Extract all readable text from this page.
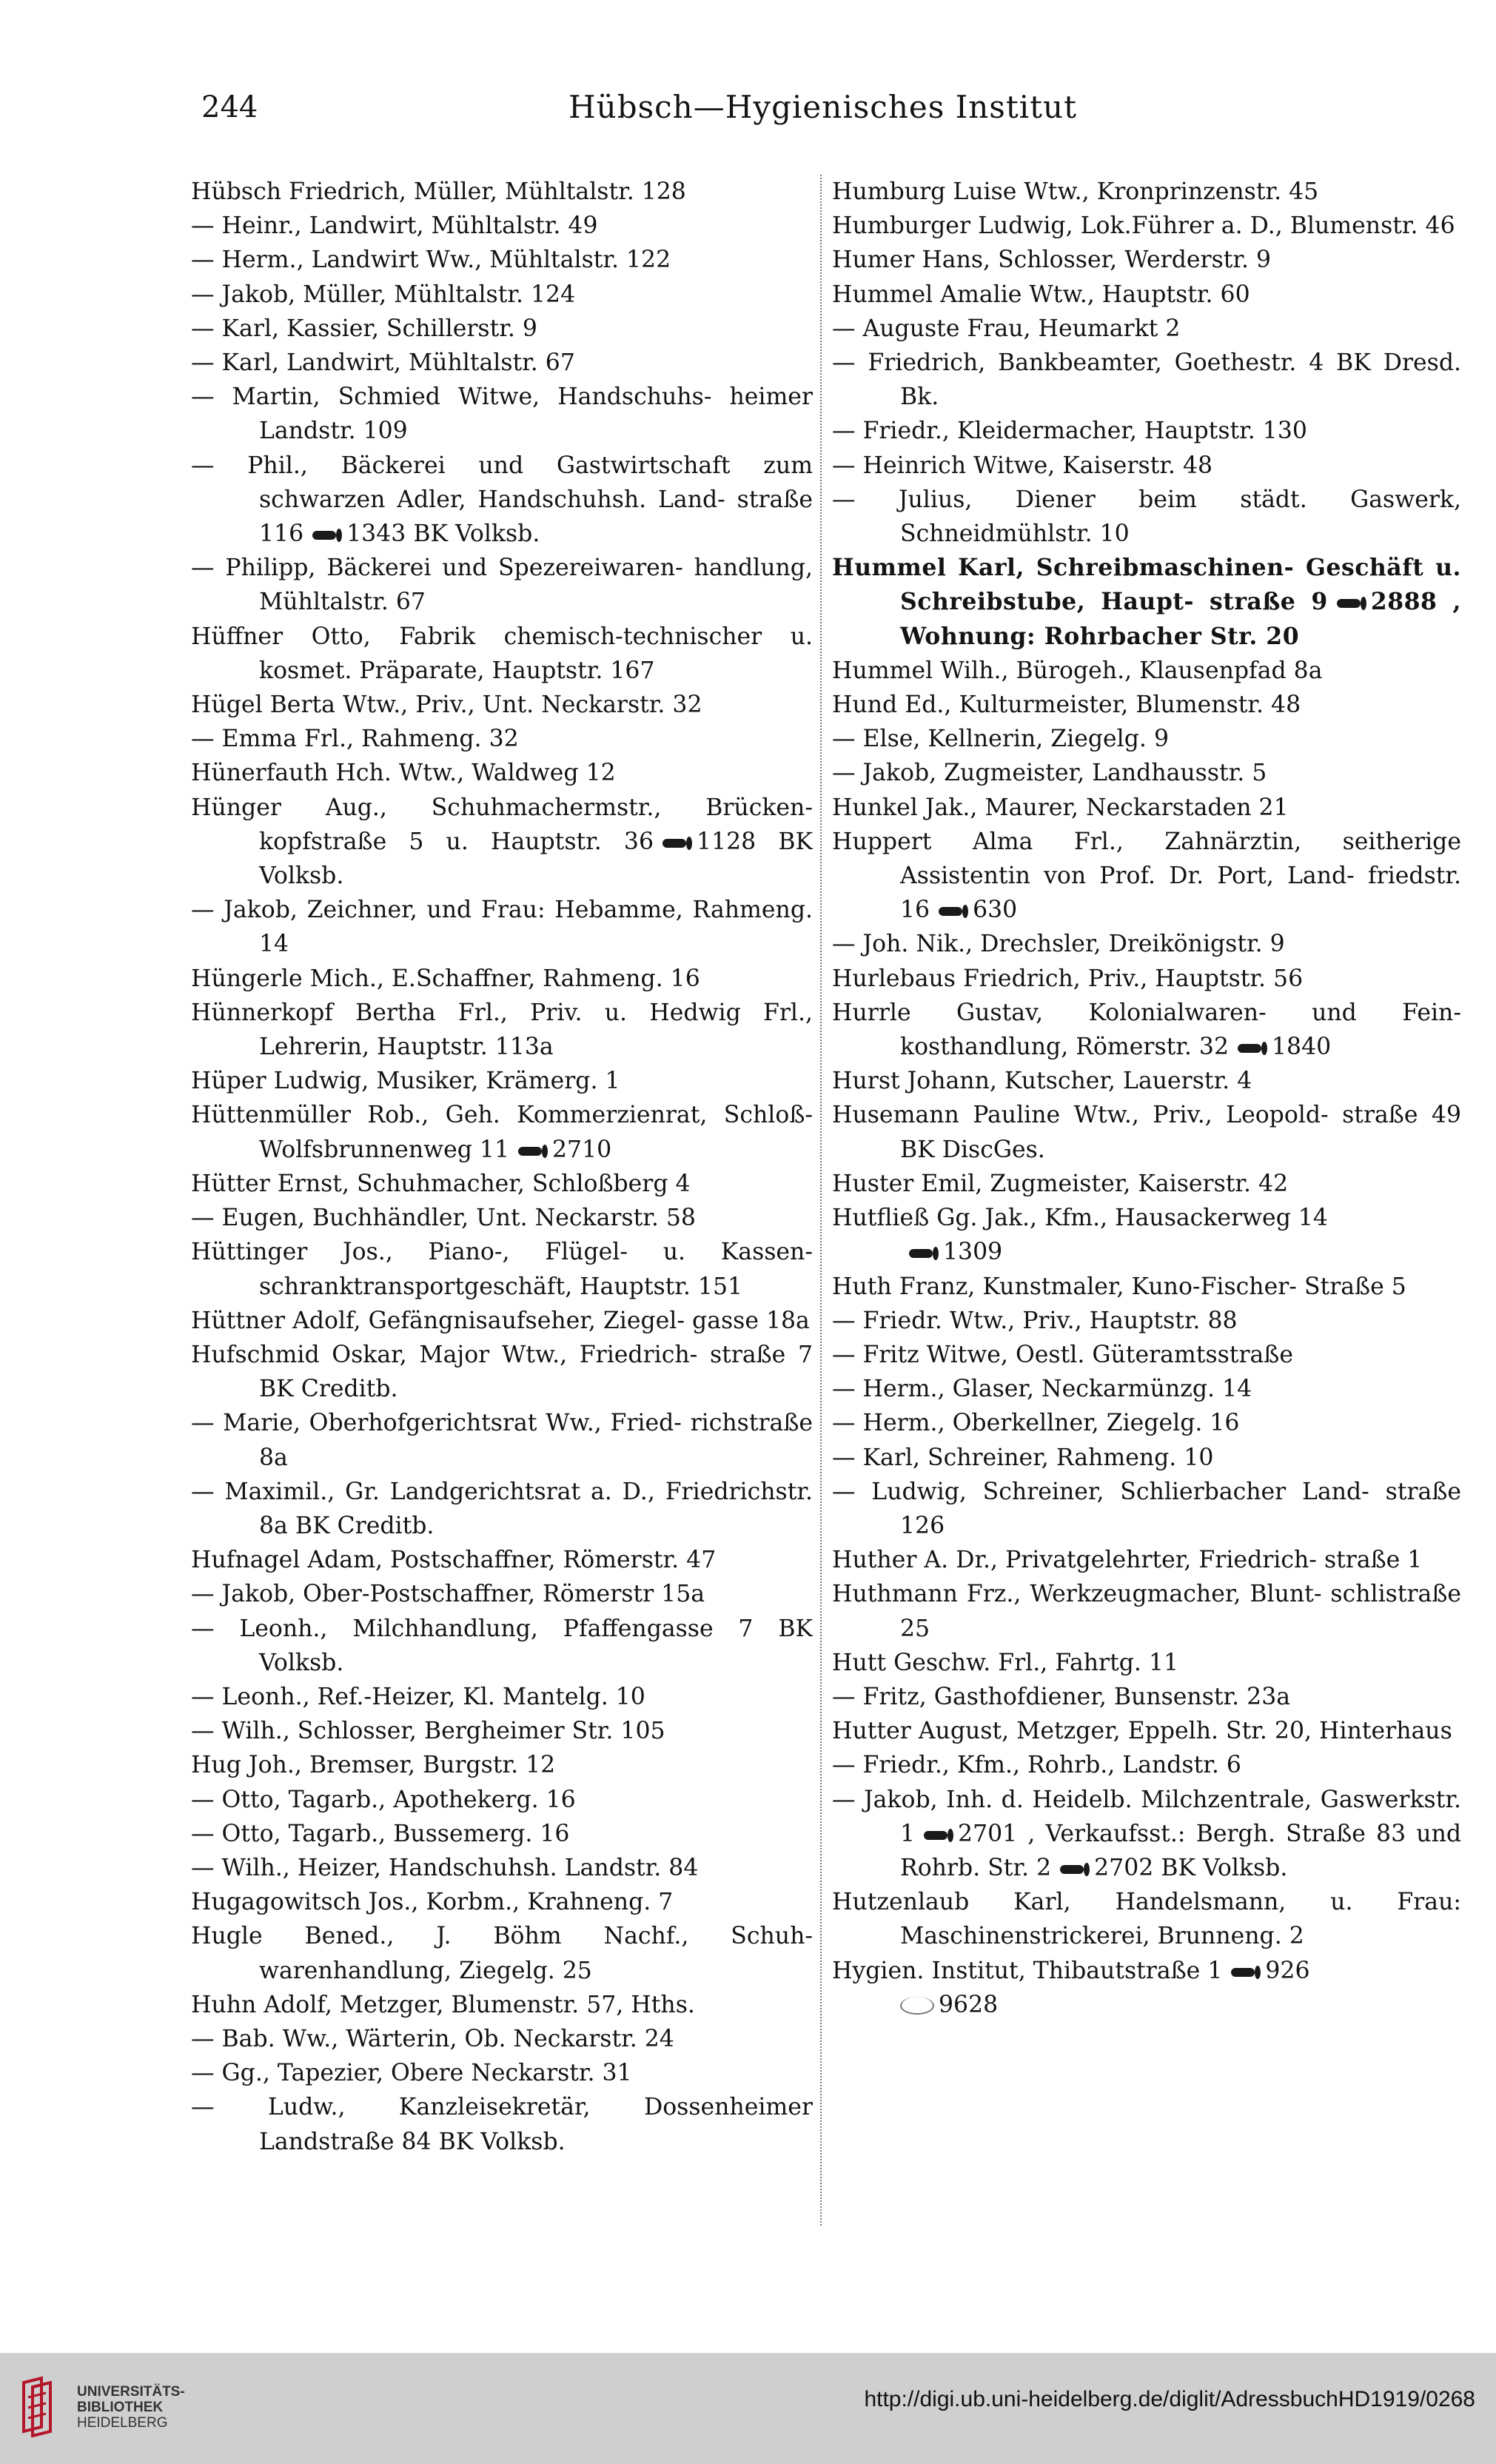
244	Hübsch—Hygienisches Institut
Hübsch Friedrich, Müller, Mühltalstr. 128
— Heinr., Landwirt, Mühltalstr. 49
— Herm., Landwirt Ww., Mühltalstr. 122
— Jakob, Müller, Mühltalstr. 124
— Karl, Kassier, Schillerstr. 9
— Karl, Landwirt, Mühltalstr. 67
— Martin, Schmied Witwe, Handschuhs- heimer Landstr. 109
— Phil., Bäckerei und Gastwirtschaft zum schwarzen Adler, Handschuhsh. Land- straße 116 1343 BK Volksb.
— Philipp, Bäckerei und Spezereiwaren- handlung, Mühltalstr. 67
Hüffner Otto, Fabrik chemisch-technischer u. kosmet. Präparate, Hauptstr. 167
Hügel Berta Wtw., Priv., Unt. Neckarstr. 32
— Emma Frl., Rahmeng. 32
Hünerfauth Hch. Wtw., Waldweg 12
Hünger Aug., Schuhmachermstr., Brücken- kopfstraße 5 u. Hauptstr. 36 1128 BK Volksb.
— Jakob, Zeichner, und Frau: Hebamme, Rahmeng. 14
Hüngerle Mich., E.Schaffner, Rahmeng. 16
Hünnerkopf Bertha Frl., Priv. u. Hedwig Frl., Lehrerin, Hauptstr. 113a
Hüper Ludwig, Musiker, Krämerg. 1
Hüttenmüller Rob., Geh. Kommerzienrat, Schloß-Wolfsbrunnenweg 11 2710
Hütter Ernst, Schuhmacher, Schloßberg 4
— Eugen, Buchhändler, Unt. Neckarstr. 58
Hüttinger Jos., Piano-, Flügel- u. Kassen- schranktransportgeschäft, Hauptstr. 151
Hüttner Adolf, Gefängnisaufseher, Ziegel- gasse 18a
Hufschmid Oskar, Major Wtw., Friedrich- straße 7 BK Creditb.
— Marie, Oberhofgerichtsrat Ww., Fried- richstraße 8a
— Maximil., Gr. Landgerichtsrat a. D., Friedrichstr. 8a BK Creditb.
Hufnagel Adam, Postschaffner, Römerstr. 47
— Jakob, Ober-Postschaffner, Römerstr 15a
— Leonh., Milchhandlung, Pfaffengasse 7 BK Volksb.
— Leonh., Ref.-Heizer, Kl. Mantelg. 10
— Wilh., Schlosser, Bergheimer Str. 105
Hug Joh., Bremser, Burgstr. 12
— Otto, Tagarb., Apothekerg. 16
— Otto, Tagarb., Bussemerg. 16
— Wilh., Heizer, Handschuhsh. Landstr. 84
Hugagowitsch Jos., Korbm., Krahneng. 7
Hugle Bened., J. Böhm Nachf., Schuh- warenhandlung, Ziegelg. 25
Huhn Adolf, Metzger, Blumenstr. 57, Hths.
— Bab. Ww., Wärterin, Ob. Neckarstr. 24
— Gg., Tapezier, Obere Neckarstr. 31
— Ludw., Kanzleisekretär, Dossenheimer Landstraße 84 BK Volksb.
Humburg Luise Wtw., Kronprinzenstr. 45
Humburger Ludwig, Lok.Führer a. D., Blumenstr. 46
Humer Hans, Schlosser, Werderstr. 9
Hummel Amalie Wtw., Hauptstr. 60
— Auguste Frau, Heumarkt 2
— Friedrich, Bankbeamter, Goethestr. 4 BK Dresd. Bk.
— Friedr., Kleidermacher, Hauptstr. 130
— Heinrich Witwe, Kaiserstr. 48
— Julius, Diener beim städt. Gaswerk, Schneidmühlstr. 10
Hummel Karl, Schreibmaschinen- Geschäft u. Schreibstube, Haupt- straße 9 2888 , Wohnung: Rohrbacher Str. 20
Hummel Wilh., Bürogeh., Klausenpfad 8a
Hund Ed., Kulturmeister, Blumenstr. 48
— Else, Kellnerin, Ziegelg. 9
— Jakob, Zugmeister, Landhausstr. 5
Hunkel Jak., Maurer, Neckarstaden 21
Huppert Alma Frl., Zahnärztin, seitherige Assistentin von Prof. Dr. Port, Land- friedstr. 16 630
— Joh. Nik., Drechsler, Dreikönigstr. 9
Hurlebaus Friedrich, Priv., Hauptstr. 56
Hurrle Gustav, Kolonialwaren- und Fein- kosthandlung, Römerstr. 32 1840
Hurst Johann, Kutscher, Lauerstr. 4
Husemann Pauline Wtw., Priv., Leopold- straße 49 BK DiscGes.
Huster Emil, Zugmeister, Kaiserstr. 42
Hutfließ Gg. Jak., Kfm., Hausackerweg 14
1309
Huth Franz, Kunstmaler, Kuno-Fischer- Straße 5
— Friedr. Wtw., Priv., Hauptstr. 88
— Fritz Witwe, Oestl. Güteramtsstraße
— Herm., Glaser, Neckarmünzg. 14
— Herm., Oberkellner, Ziegelg. 16
— Karl, Schreiner, Rahmeng. 10
— Ludwig, Schreiner, Schlierbacher Land- straße 126
Huther A. Dr., Privatgelehrter, Friedrich- straße 1
Huthmann Frz., Werkzeugmacher, Blunt- schlistraße 25
Hutt Geschw. Frl., Fahrtg. 11
— Fritz, Gasthofdiener, Bunsenstr. 23a
Hutter August, Metzger, Eppelh. Str. 20, Hinterhaus
— Friedr., Kfm., Rohrb., Landstr. 6
— Jakob, Inh. d. Heidelb. Milchzentrale, Gaswerkstr. 1 2701 , Verkaufsst.: Bergh. Straße 83 und Rohrb. Str. 2 2702 BK Volksb.
Hutzenlaub Karl, Handelsmann, u. Frau: Maschinenstrickerei, Brunneng. 2
Hygien. Institut, Thibautstraße 1 926
9628
UNIVERSITÄTS-
BIBLIOTHEK
HEIDELBERG
http://digi.ub.uni-heidelberg.de/diglit/AdressbuchHD1919/0268
